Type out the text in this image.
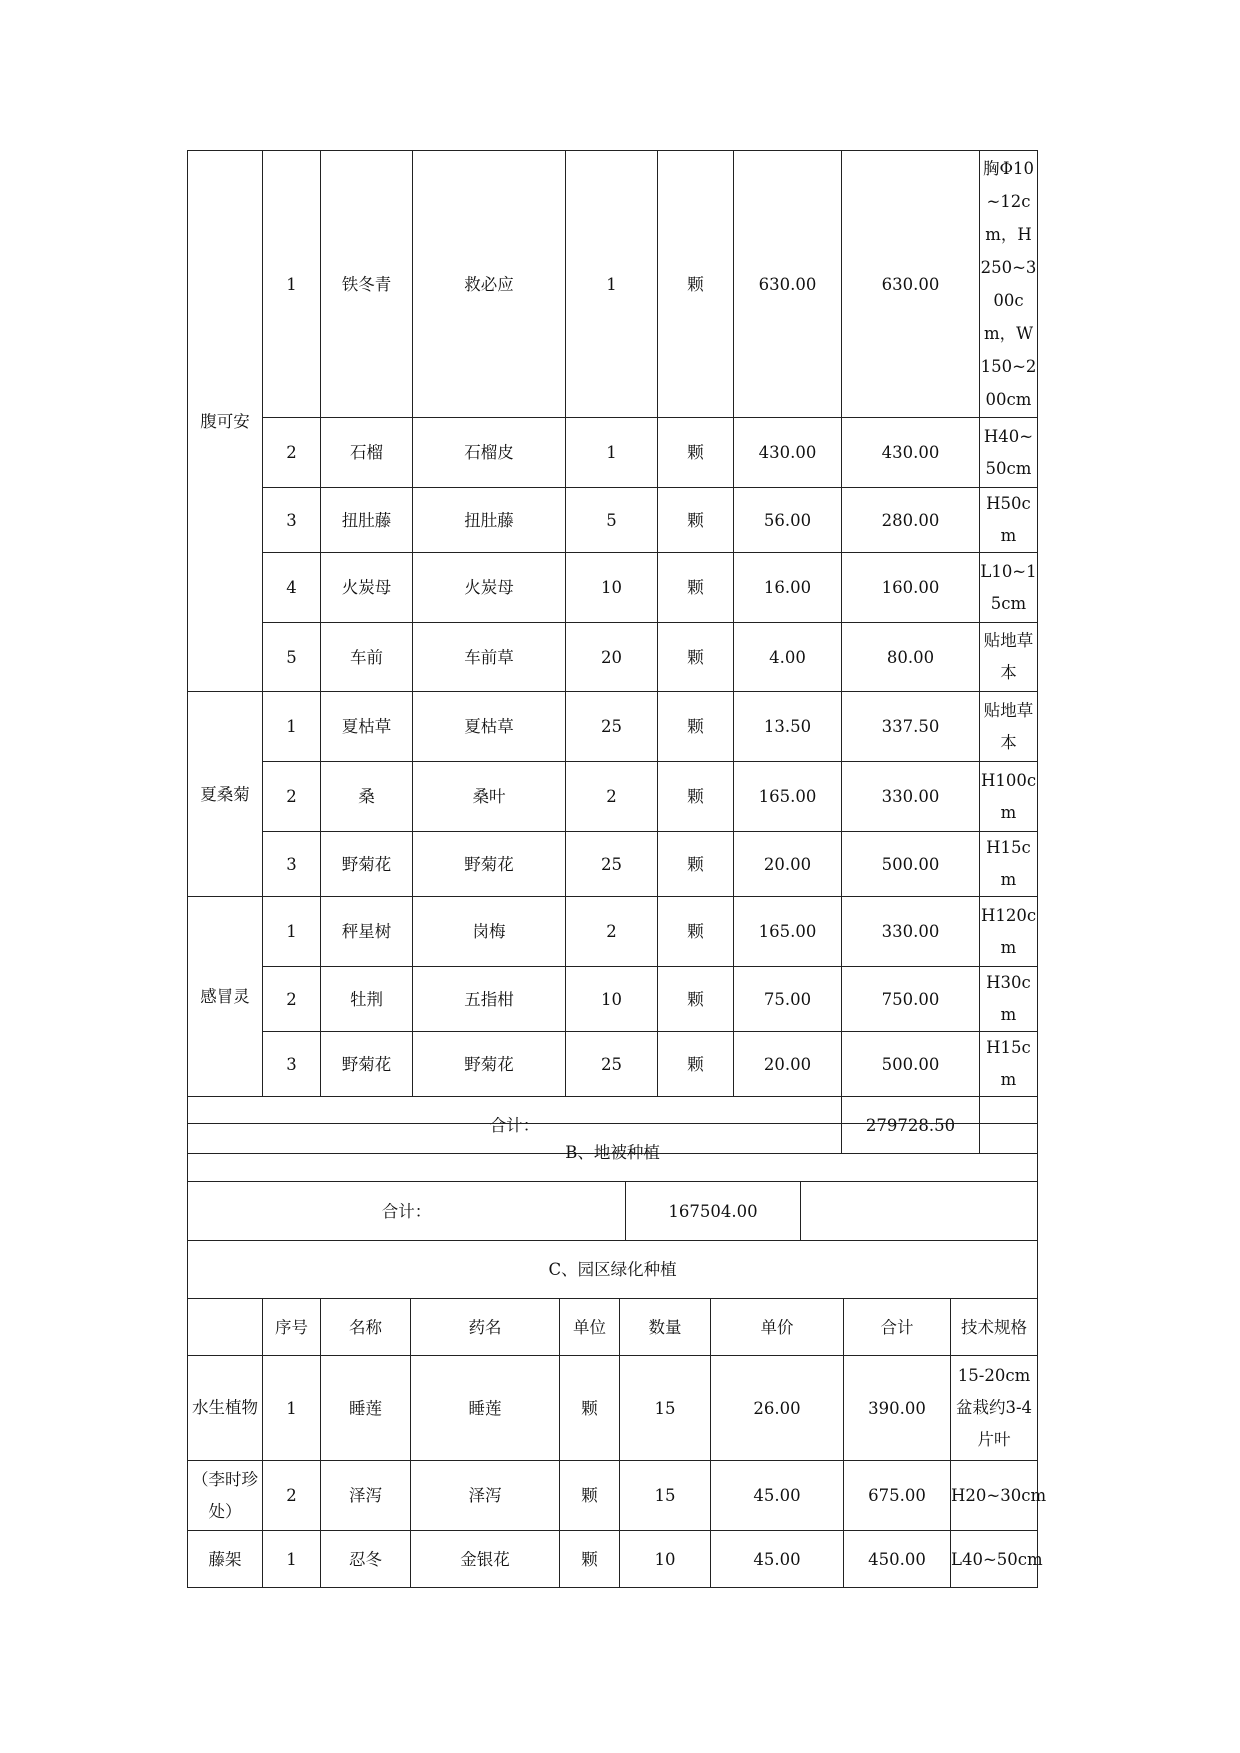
腹可安	1	铁冬青	救必应	1	颗	630.00	630.00	胸Φ10~12cm，H250~300cm，W150~200cm
	2	石榴	石榴皮	1	颗	430.00	430.00	H40~50cm
	3	扭肚藤	扭肚藤	5	颗	56.00	280.00	H50cm
	4	火炭母	火炭母	10	颗	16.00	160.00	L10~15cm
	5	车前	车前草	20	颗	4.00	80.00	贴地草本
夏桑菊	1	夏枯草	夏枯草	25	颗	13.50	337.50	贴地草本
	2	桑	桑叶	2	颗	165.00	330.00	H100cm
	3	野菊花	野菊花	25	颗	20.00	500.00	H15cm
感冒灵	1	秤星树	岗梅	2	颗	165.00	330.00	H120cm
	2	牡荆	五指柑	10	颗	75.00	750.00	H30cm
	3	野菊花	野菊花	25	颗	20.00	500.00	H15cm
合计：							279728.50	
B、地被种植
合计：	167504.00	
C、园区绿化种植								
	序号	名称	药名	单位	数量	单价	合计	技术规格
水生植物	1	睡莲	睡莲	颗	15	26.00	390.00	15-20cm盆栽约3-4片叶
（李时珍处）	2	泽泻	泽泻	颗	15	45.00	675.00	H20~30cm
藤架	1	忍冬	金银花	颗	10	45.00	450.00	L40~50cm
